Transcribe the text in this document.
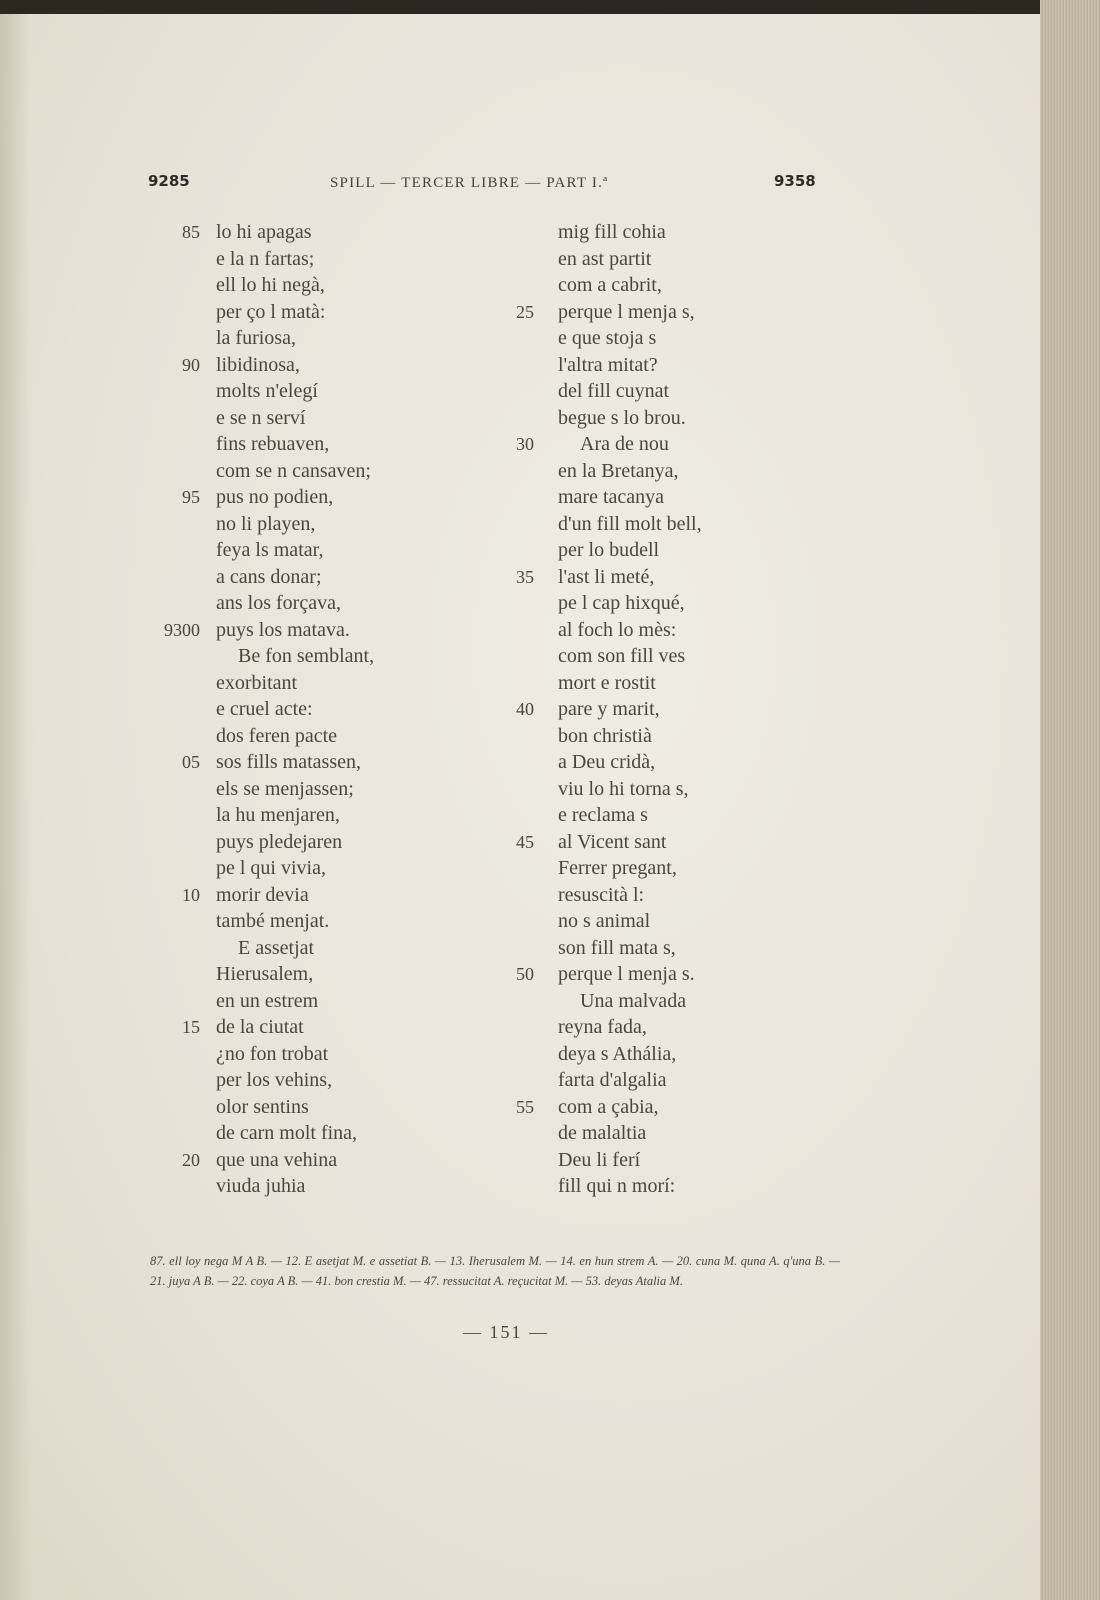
9285	SPILL — TERCER LIBRE — PART I.ª	9358
85 lo hi apagas
e la n fartas;
ell lo hi negà,
per ço l matà:
la furiosa,
90 libidinosa,
molts n'elegí
e se n serví
fins rebuaven,
com se n cansaven;
95 pus no podien,
no li playen,
feya ls matar,
a cans donar;
ans los forçava,
9300 puys los matava.
Be fon semblant,
exorbitant
e cruel acte:
dos feren pacte
05 sos fills matassen,
els se menjassen;
la hu menjaren,
puys pledejaren
pe l qui vivia,
10 morir devia
també menjat.
E assetjat
Hierusalem,
en un estrem
15 de la ciutat
¿no fon trobat
per los vehins,
olor sentins
de carn molt fina,
20 que una vehina
viuda juhia
mig fill cohia
en ast partit
com a cabrit,
25 perque l menja s,
e que stoja s
l'altra mitat?
del fill cuynat
begue s lo brou.
30 Ara de nou
en la Bretanya,
mare tacanya
d'un fill molt bell,
per lo budell
35 l'ast li meté,
pe l cap hixqué,
al foch lo mès:
com son fill ves
mort e rostit
40 pare y marit,
bon christià
a Deu cridà,
viu lo hi torna s,
e reclama s
45 al Vicent sant
Ferrer pregant,
resuscità l:
no s animal
son fill mata s,
50 perque l menja s.
Una malvada
reyna fada,
deya s Athália,
farta d'algalia
55 com a çabia,
de malaltia
Deu li ferí
fill qui n morí:
87. ell loy nega M A B. — 12. E asetjat M. e assetiat B. — 13. Iherusalem M. — 14. en hun strem A. — 20. cuna M. quna A. q'una B. — 21. juya A B. — 22. coya A B. — 41. bon crestia M. — 47. ressucitat A. reçucitat M. — 53. deyas Atalia M.
— 151 —
